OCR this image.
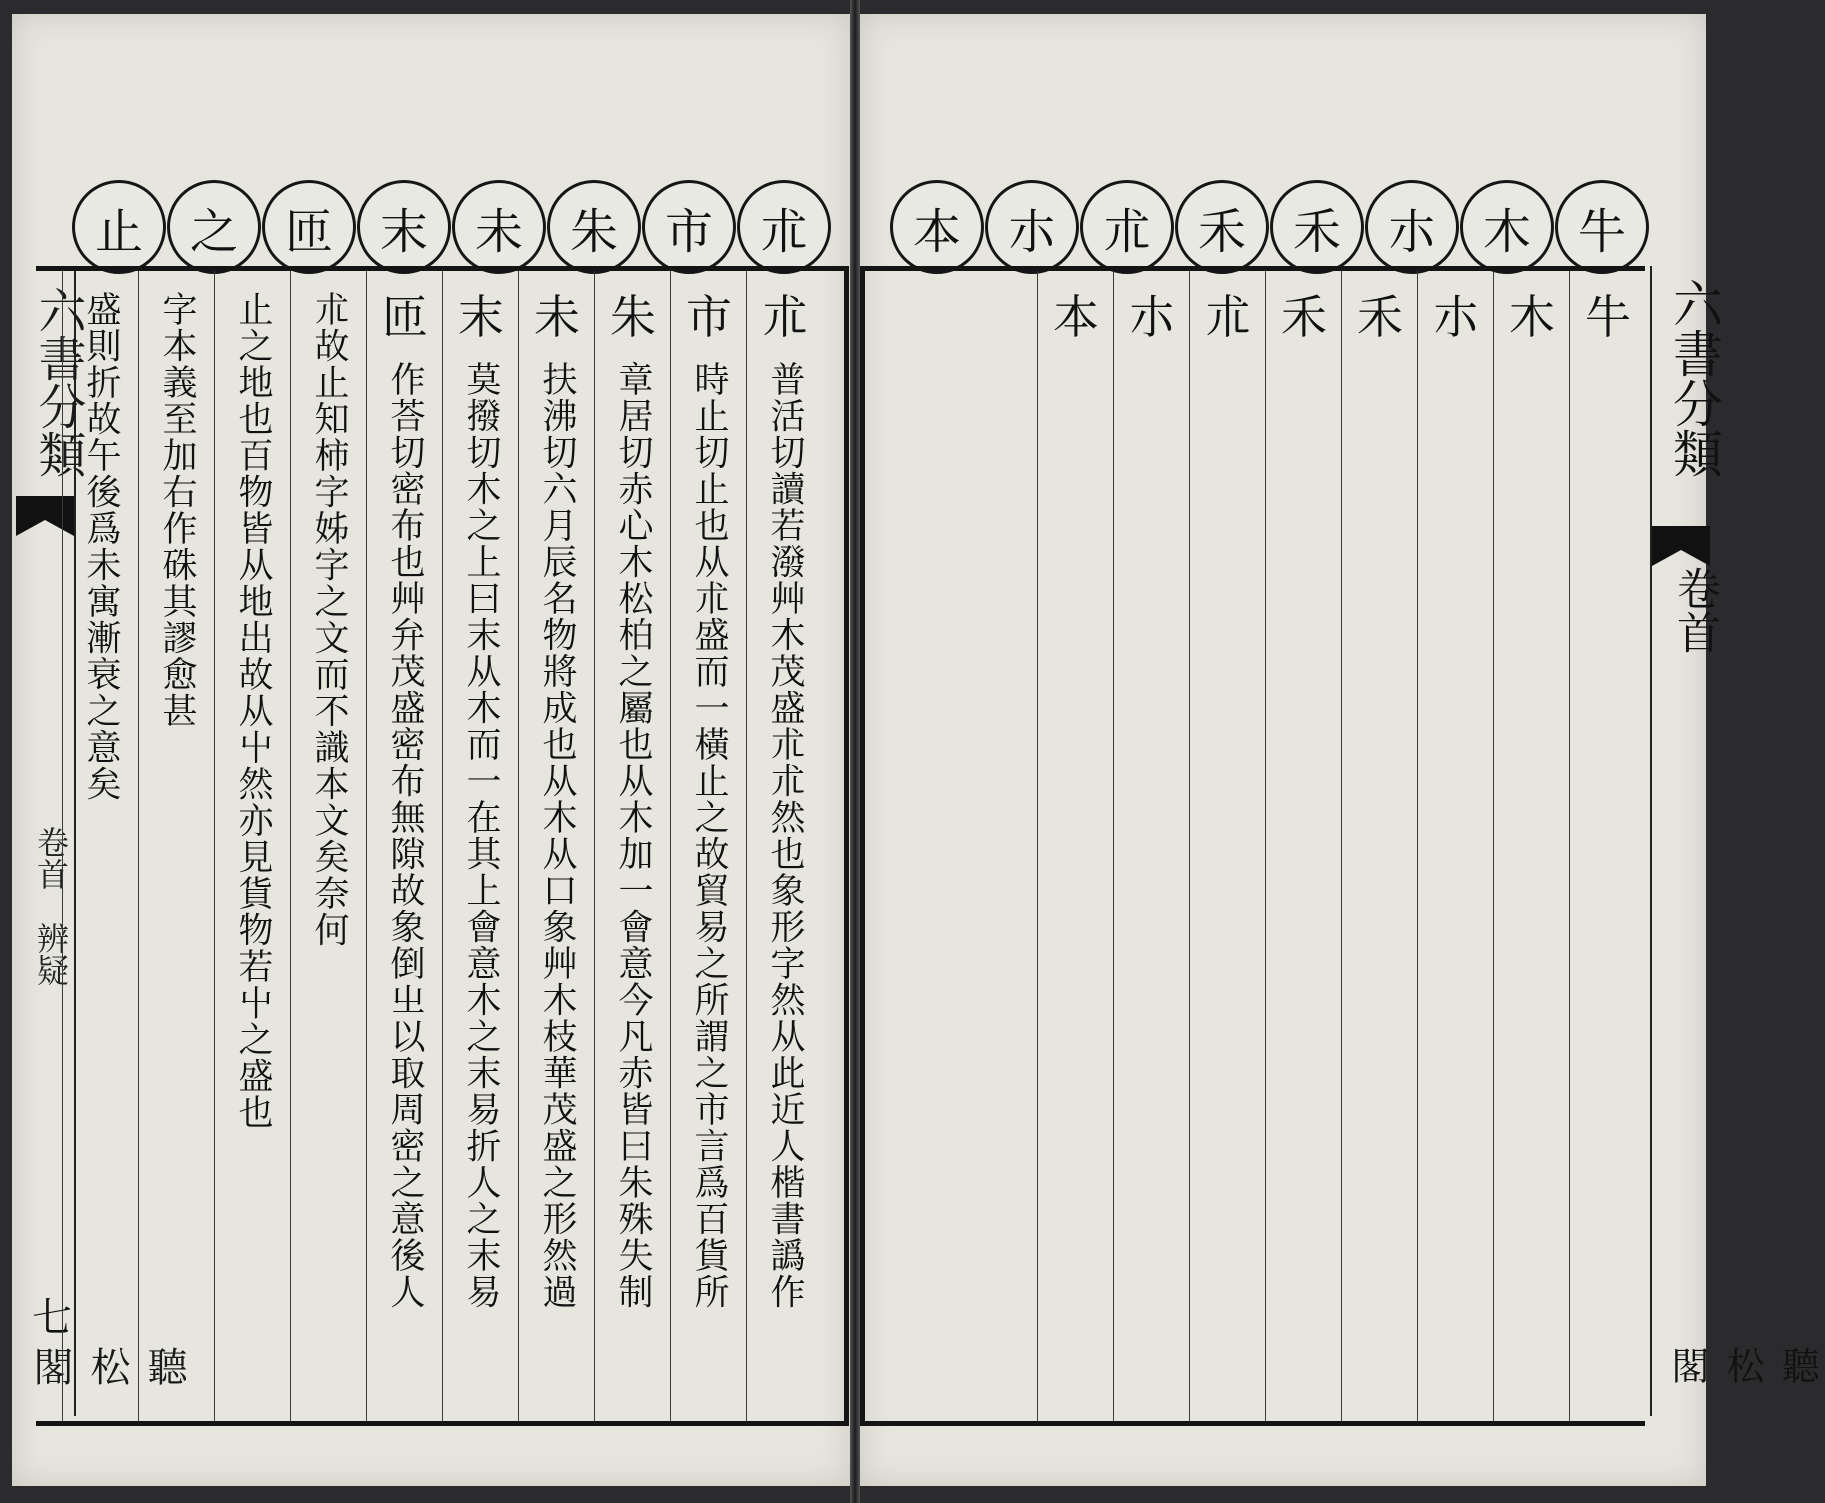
止 之 匝 末 未 朱 市 朮
六書分類
卷首　辨疑
七
聽松閣
朮
普活切讀若潑艸木茂盛朮朮然也象形字然从此近人楷書譌作
市
時止切止也从朮盛而一橫止之故貿易之所謂之市言爲百貨所
朱
章居切赤心木松柏之屬也从木加一會意今凡赤皆曰朱殊失制
未
扶沸切六月辰名物將成也从木从口象艸木枝華茂盛之形然過
末
莫撥切木之上曰末从木而一在其上會意木之末易折人之末易
匝
作荅切密布也艸弁茂盛密布無隙故象倒㞢以取周密之意後人
朮故止知柿字姊字之文而不識本文矣奈何
止之地也百物皆从地出故从屮然亦見貨物若屮之盛也
字本義至加右作硃其謬愈甚
盛則折故午後爲未寓漸衰之意矣
本 朩 朮 禾 禾 朩 木 牛
牛
木
朩
禾
禾
朮
朩
本	六書分類
卷首
聽松閣
